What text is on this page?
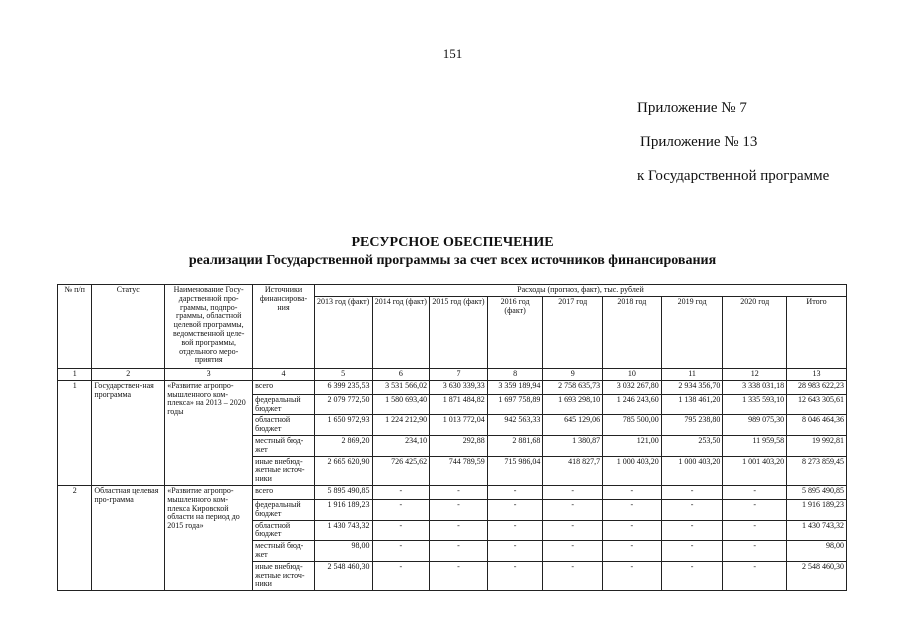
151
Приложение № 7
Приложение № 13
к Государственной программе
РЕСУРСНОЕ ОБЕСПЕЧЕНИЕ
реализации Государственной программы за счет всех источников финансирования
№ п/п	Статус	Наименование Госу-дарственной про-граммы, подпро-граммы, областной целевой программы, ведомственной целе-вой программы, отдельного меро-приятия	Источники финансирова-ния	Расходы (прогноз, факт), тыс. рублей								
				2013 год (факт)	2014 год (факт)	2015 год (факт)	2016 год (факт)	2017 год	2018 год	2019 год	2020 год	Итого
1	2	3	4	5	6	7	8	9	10	11	12	13
1	Государствен-ная программа	«Развитие агропро-мышленного ком-плекса» на 2013 – 2020 годы	всего	6 399 235,53	3 531 566,02	3 630 339,33	3 359 189,94	2 758 635,73	3 032 267,80	2 934 356,70	3 338 031,18	28 983 622,23
			федеральный бюджет	2 079 772,50	1 580 693,40	1 871 484,82	1 697 758,89	1 693 298,10	1 246 243,60	1 138 461,20	1 335 593,10	12 643 305,61
			областной бюджет	1 650 972,93	1 224 212,90	1 013 772,04	942 563,33	645 129,06	785 500,00	795 238,80	989 075,30	8 046 464,36
			местный бюд-жет	2 869,20	234,10	292,88	2 881,68	1 380,87	121,00	253,50	11 959,58	19 992,81
			иные внебюд-жетные источ-ники	2 665 620,90	726 425,62	744 789,59	715 986,04	418 827,7	1 000 403,20	1 000 403,20	1 001 403,20	8 273 859,45
2	Областная целевая про-грамма	«Развитие агропро-мышленного ком-плекса Кировской области на период до 2015 года»	всего	5 895 490,85	-	-	-	-	-	-	-	5 895 490,85
			федеральный бюджет	1 916 189,23	-	-	-	-	-	-	-	1 916 189,23
			областной бюджет	1 430 743,32	-	-	-	-	-	-	-	1 430 743,32
			местный бюд-жет	98,00	-	-	-	-	-	-	-	98,00
			иные внебюд-жетные источ-ники	2 548 460,30	-	-	-	-	-	-	-	2 548 460,30
